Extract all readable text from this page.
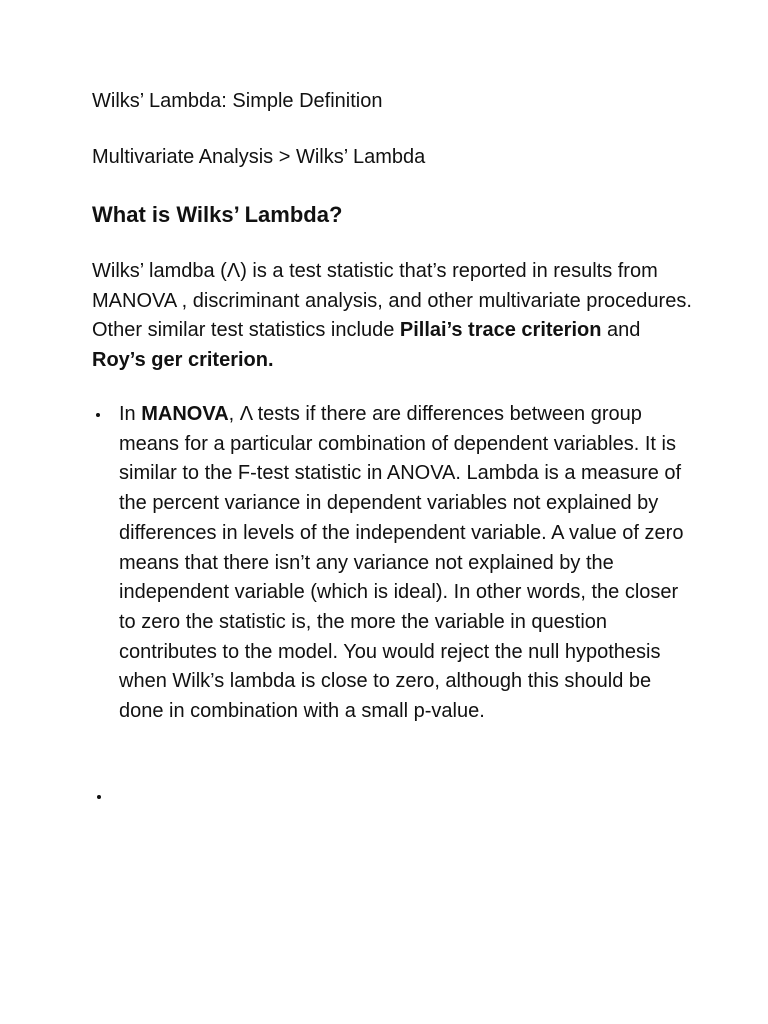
Wilks’ Lambda: Simple Definition
Multivariate Analysis > Wilks’ Lambda
What is Wilks’ Lambda?

Wilks’ lamdba (Λ) is a test statistic that’s reported in results from MANOVA , discriminant analysis, and other multivariate procedures. Other similar test statistics include Pillai’s trace criterion and Roy’s ger criterion.

In MANOVA, Λ tests if there are differences between group means for a particular combination of dependent variables. It is similar to the F-test statistic in ANOVA. Lambda is a measure of the percent variance in dependent variables not explained by differences in levels of the independent variable. A value of zero means that there isn’t any variance not explained by the independent variable (which is ideal). In other words, the closer to zero the statistic is, the more the variable in question contributes to the model. You would reject the null hypothesis when Wilk’s lambda is close to zero, although this should be done in combination with a small p-value.
